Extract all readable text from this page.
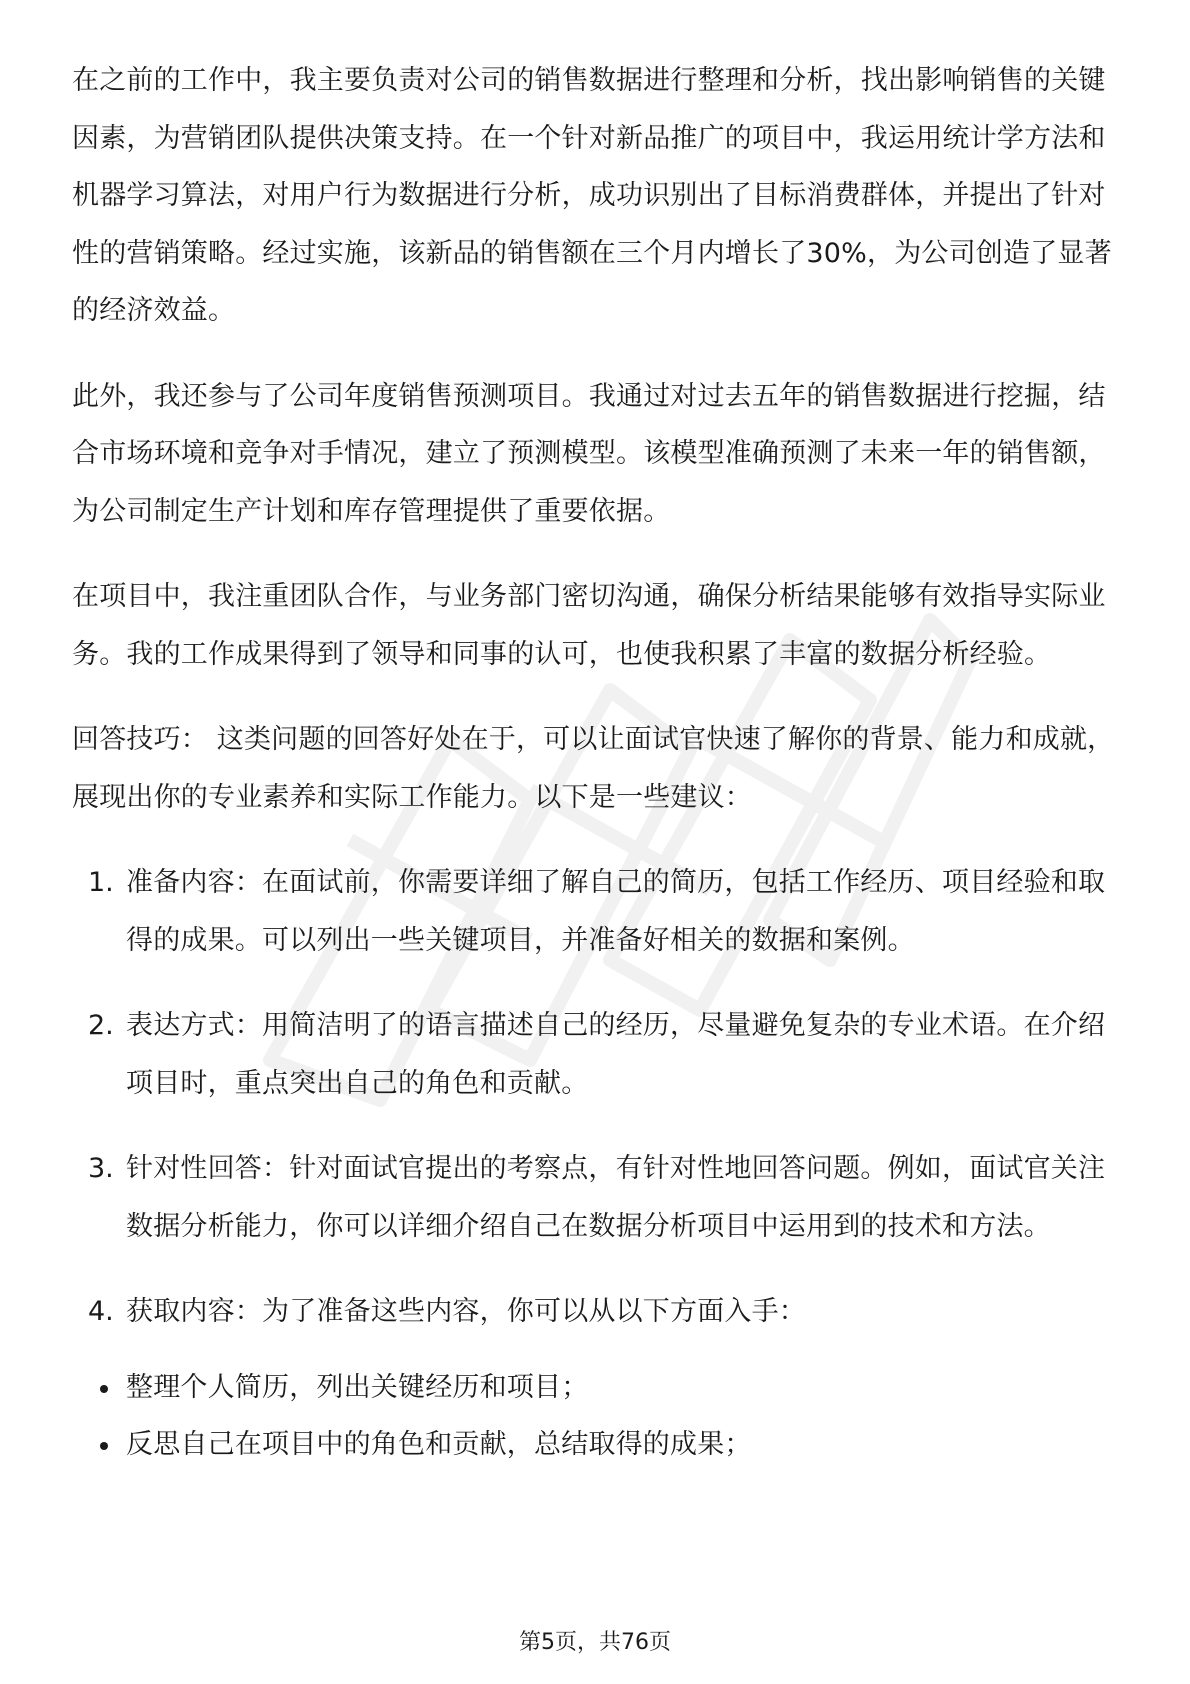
在之前的工作中，我主要负责对公司的销售数据进行整理和分析，找出影响销售的关键因素，为营销团队提供决策支持。在一个针对新品推广的项目中，我运用统计学方法和机器学习算法，对用户行为数据进行分析，成功识别出了目标消费群体，并提出了针对性的营销策略。经过实施，该新品的销售额在三个月内增长了30%，为公司创造了显著的经济效益。

此外，我还参与了公司年度销售预测项目。我通过对过去五年的销售数据进行挖掘，结合市场环境和竞争对手情况，建立了预测模型。该模型准确预测了未来一年的销售额，为公司制定生产计划和库存管理提供了重要依据。

在项目中，我注重团队合作，与业务部门密切沟通，确保分析结果能够有效指导实际业务。我的工作成果得到了领导和同事的认可，也使我积累了丰富的数据分析经验。

回答技巧： 这类问题的回答好处在于，可以让面试官快速了解你的背景、能力和成就，展现出你的专业素养和实际工作能力。以下是一些建议：

1. 准备内容：在面试前，你需要详细了解自己的简历，包括工作经历、项目经验和取得的成果。可以列出一些关键项目，并准备好相关的数据和案例。

2. 表达方式：用简洁明了的语言描述自己的经历，尽量避免复杂的专业术语。在介绍项目时，重点突出自己的角色和贡献。

3. 针对性回答：针对面试官提出的考察点，有针对性地回答问题。例如，面试官关注数据分析能力，你可以详细介绍自己在数据分析项目中运用到的技术和方法。

4. 获取内容：为了准备这些内容，你可以从以下方面入手：

整理个人简历，列出关键经历和项目；

反思自己在项目中的角色和贡献，总结取得的成果；

第5页，共76页
